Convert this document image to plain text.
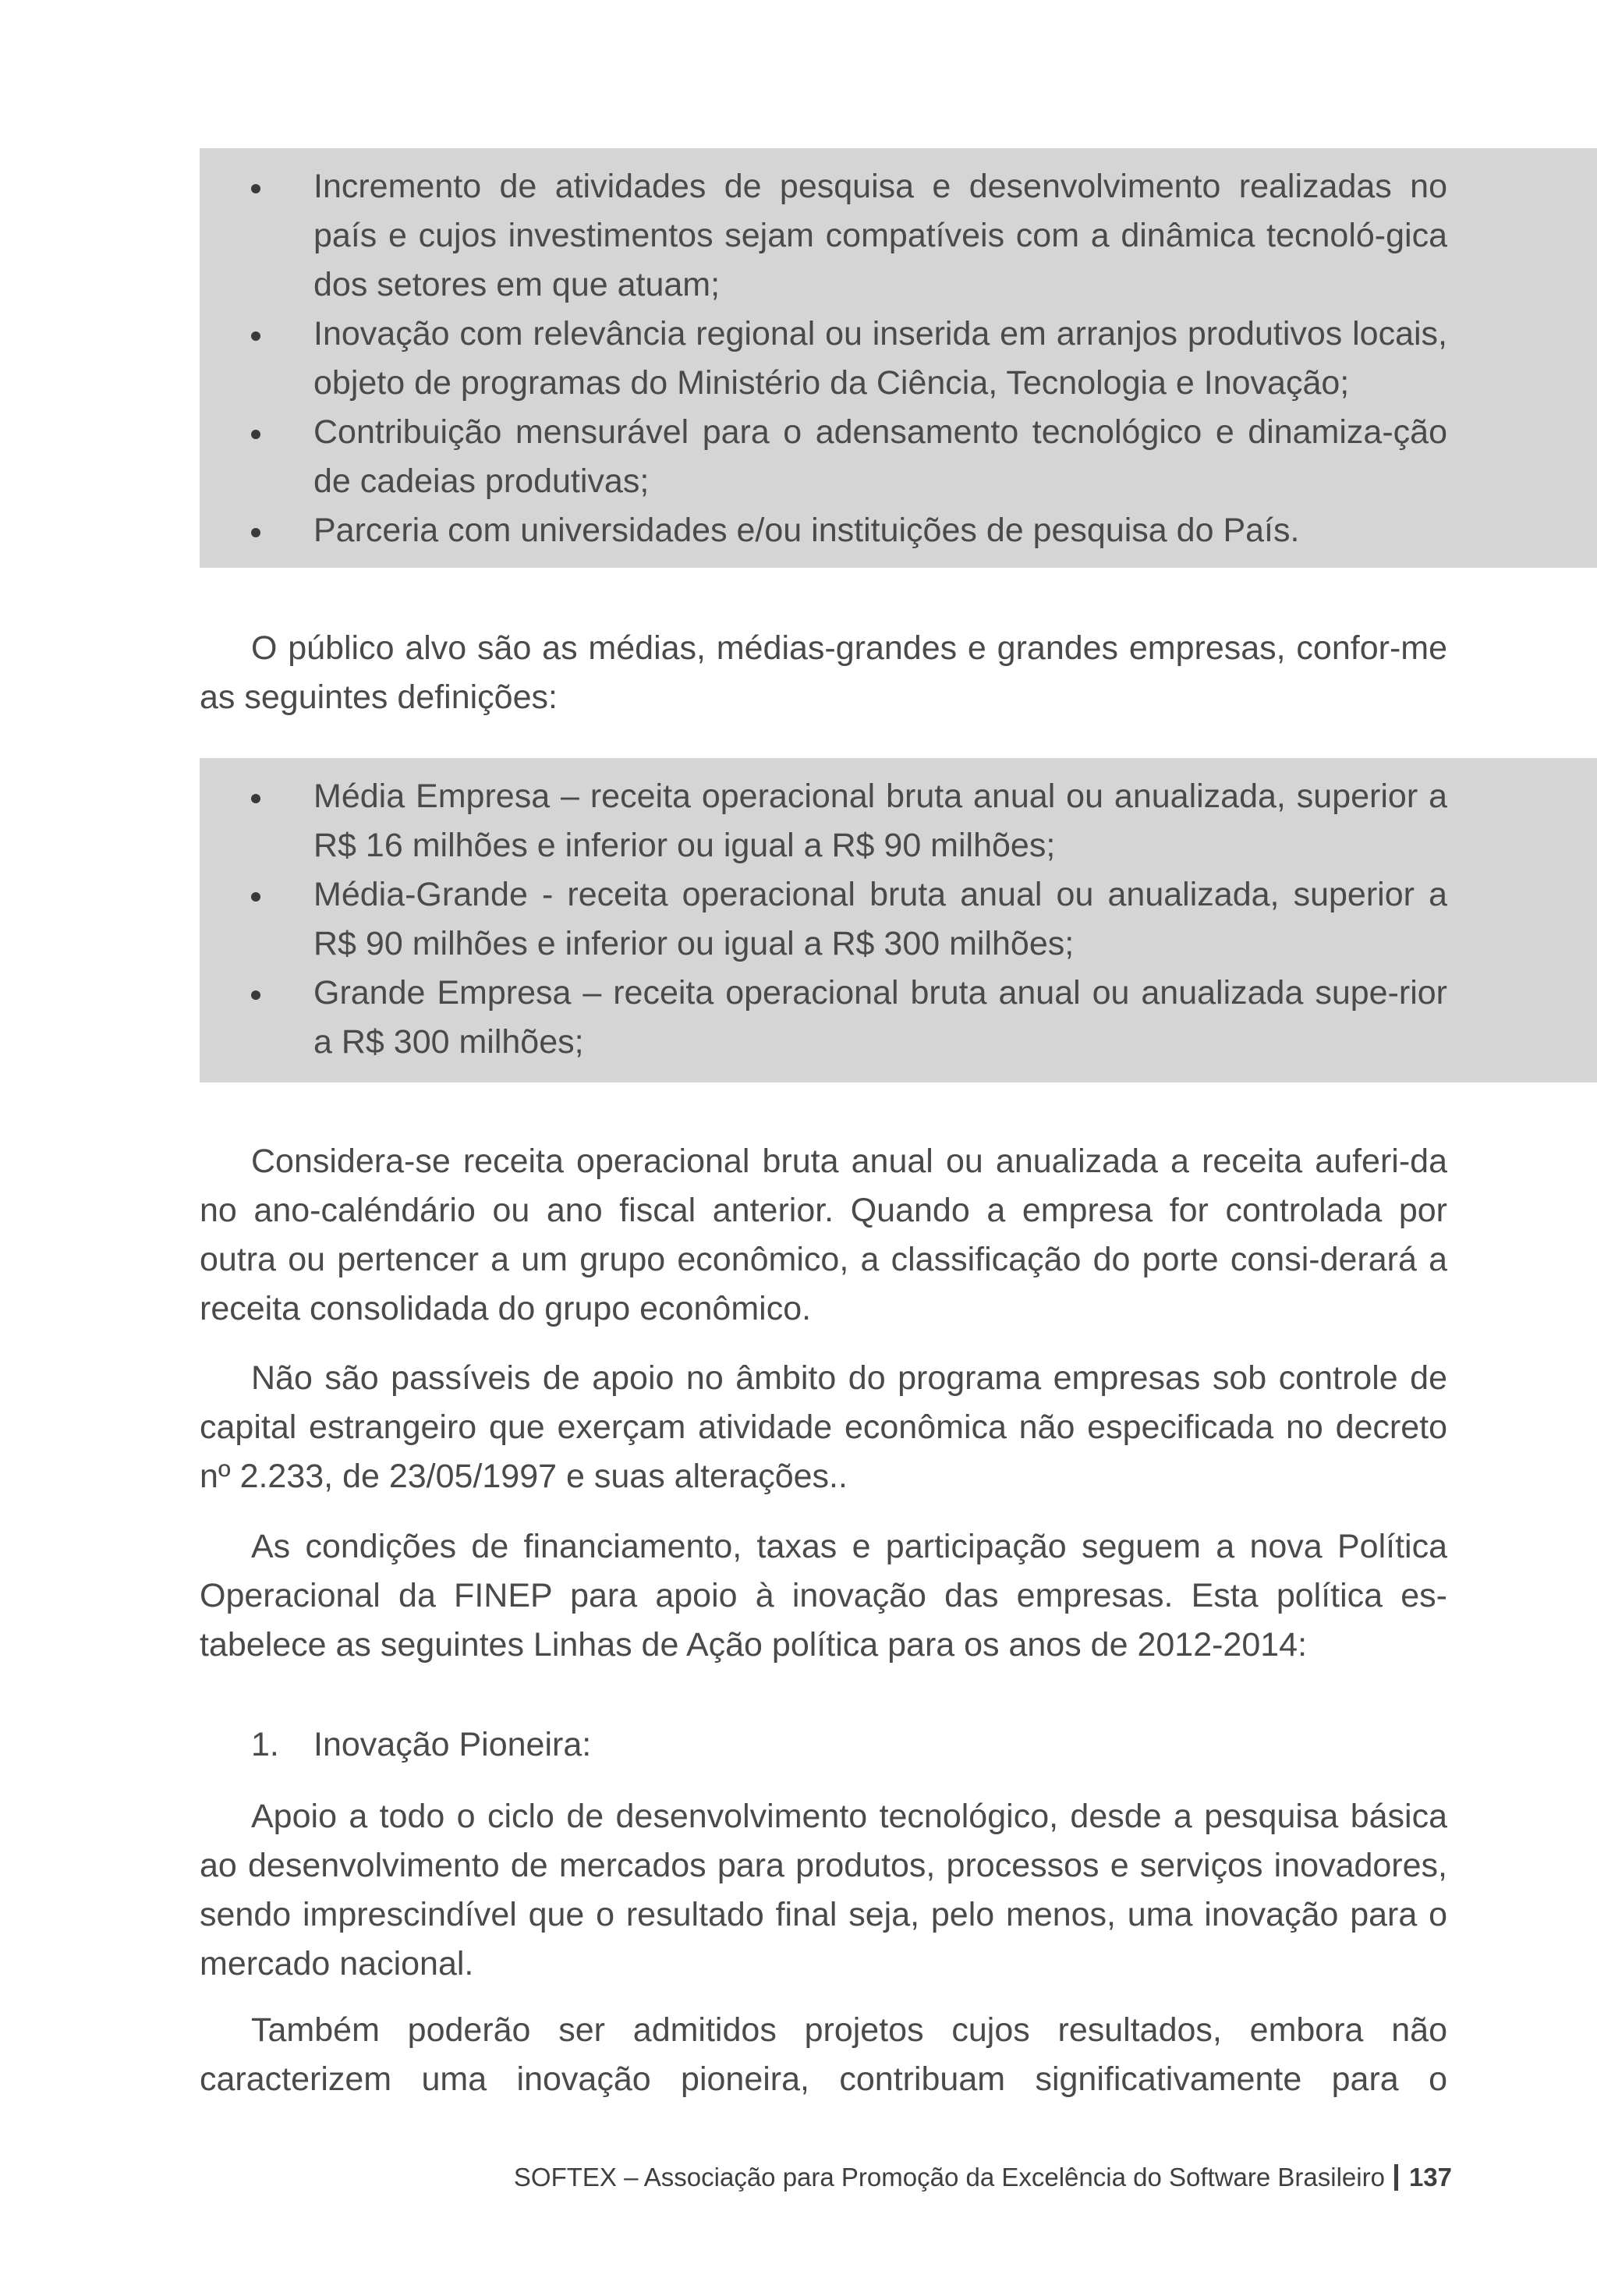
Incremento de atividades de pesquisa e desenvolvimento realizadas no país e cujos investimentos sejam compatíveis com a dinâmica tecnoló-gica dos setores em que atuam;
Inovação com relevância regional ou inserida em arranjos produtivos locais, objeto de programas do Ministério da Ciência, Tecnologia e Inovação;
Contribuição mensurável para o adensamento tecnológico e dinamiza-ção de cadeias produtivas;
Parceria com universidades e/ou instituições de pesquisa do País.

O público alvo são as médias, médias-grandes e grandes empresas, confor-me as seguintes definições:

Média Empresa – receita operacional bruta anual ou anualizada, superior a R$ 16 milhões e inferior ou igual a R$ 90 milhões;
Média-Grande - receita operacional bruta anual ou anualizada, superior a R$ 90 milhões e inferior ou igual a R$ 300 milhões;
Grande Empresa – receita operacional bruta anual ou anualizada supe-rior a R$ 300 milhões;

Considera-se receita operacional bruta anual ou anualizada a receita auferi-da no ano-caléndário ou ano fiscal anterior. Quando a empresa for controlada por outra ou pertencer a um grupo econômico, a classificação do porte consi-derará a receita consolidada do grupo econômico.

Não são passíveis de apoio no âmbito do programa empresas sob controle de capital estrangeiro que exerçam atividade econômica não especificada no decreto nº 2.233, de 23/05/1997 e suas alterações..

As condições de financiamento, taxas e participação seguem a nova Política Operacional da FINEP para apoio à inovação das empresas. Esta política es-tabelece as seguintes Linhas de Ação política para os anos de 2012-2014:

1. Inovação Pioneira:

Apoio a todo o ciclo de desenvolvimento tecnológico, desde a pesquisa básica ao desenvolvimento de mercados para produtos, processos e serviços inovadores, sendo imprescindível que o resultado final seja, pelo menos, uma inovação para o mercado nacional.

Também poderão ser admitidos projetos cujos resultados, embora não caracterizem uma inovação pioneira, contribuam significativamente para o

SOFTEX – Associação para Promoção da Excelência do Software Brasileiro 137
